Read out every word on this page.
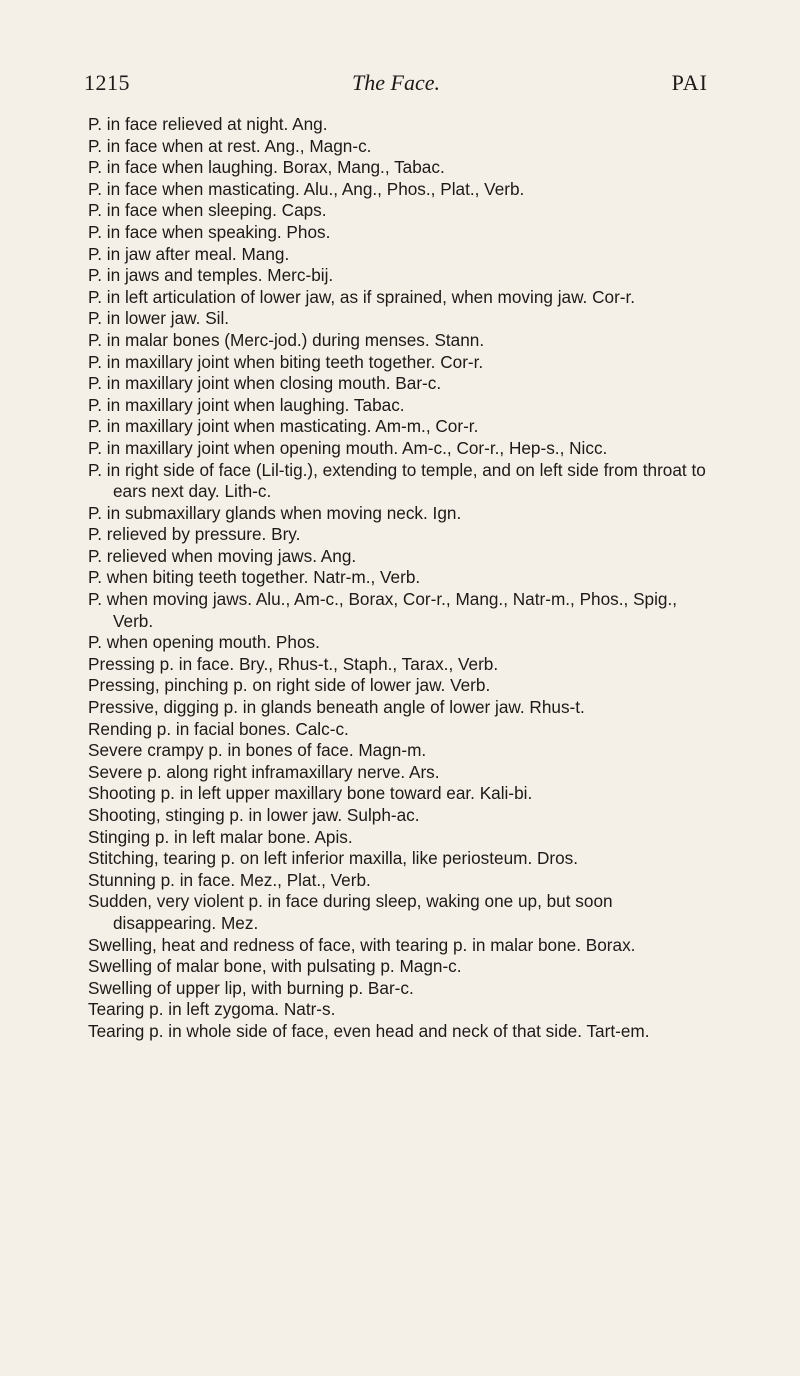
1215	The Face.	PAI
P. in face relieved at night. Ang.
P. in face when at rest. Ang., Magn-c.
P. in face when laughing. Borax, Mang., Tabac.
P. in face when masticating. Alu., Ang., Phos., Plat., Verb.
P. in face when sleeping. Caps.
P. in face when speaking. Phos.
P. in jaw after meal. Mang.
P. in jaws and temples. Merc-bij.
P. in left articulation of lower jaw, as if sprained, when moving jaw. Cor-r.
P. in lower jaw. Sil.
P. in malar bones (Merc-jod.) during menses. Stann.
P. in maxillary joint when biting teeth together. Cor-r.
P. in maxillary joint when closing mouth. Bar-c.
P. in maxillary joint when laughing. Tabac.
P. in maxillary joint when masticating. Am-m., Cor-r.
P. in maxillary joint when opening mouth. Am-c., Cor-r., Hep-s., Nicc.
P. in right side of face (Lil-tig.), extending to temple, and on left side from throat to ears next day. Lith-c.
P. in submaxillary glands when moving neck. Ign.
P. relieved by pressure. Bry.
P. relieved when moving jaws. Ang.
P. when biting teeth together. Natr-m., Verb.
P. when moving jaws. Alu., Am-c., Borax, Cor-r., Mang., Natr-m., Phos., Spig., Verb.
P. when opening mouth. Phos.
Pressing p. in face. Bry., Rhus-t., Staph., Tarax., Verb.
Pressing, pinching p. on right side of lower jaw. Verb.
Pressive, digging p. in glands beneath angle of lower jaw. Rhus-t.
Rending p. in facial bones. Calc-c.
Severe crampy p. in bones of face. Magn-m.
Severe p. along right inframaxillary nerve. Ars.
Shooting p. in left upper maxillary bone toward ear. Kali-bi.
Shooting, stinging p. in lower jaw. Sulph-ac.
Stinging p. in left malar bone. Apis.
Stitching, tearing p. on left inferior maxilla, like periosteum. Dros.
Stunning p. in face. Mez., Plat., Verb.
Sudden, very violent p. in face during sleep, waking one up, but soon disappearing. Mez.
Swelling, heat and redness of face, with tearing p. in malar bone. Borax.
Swelling of malar bone, with pulsating p. Magn-c.
Swelling of upper lip, with burning p. Bar-c.
Tearing p. in left zygoma. Natr-s.
Tearing p. in whole side of face, even head and neck of that side. Tart-em.
